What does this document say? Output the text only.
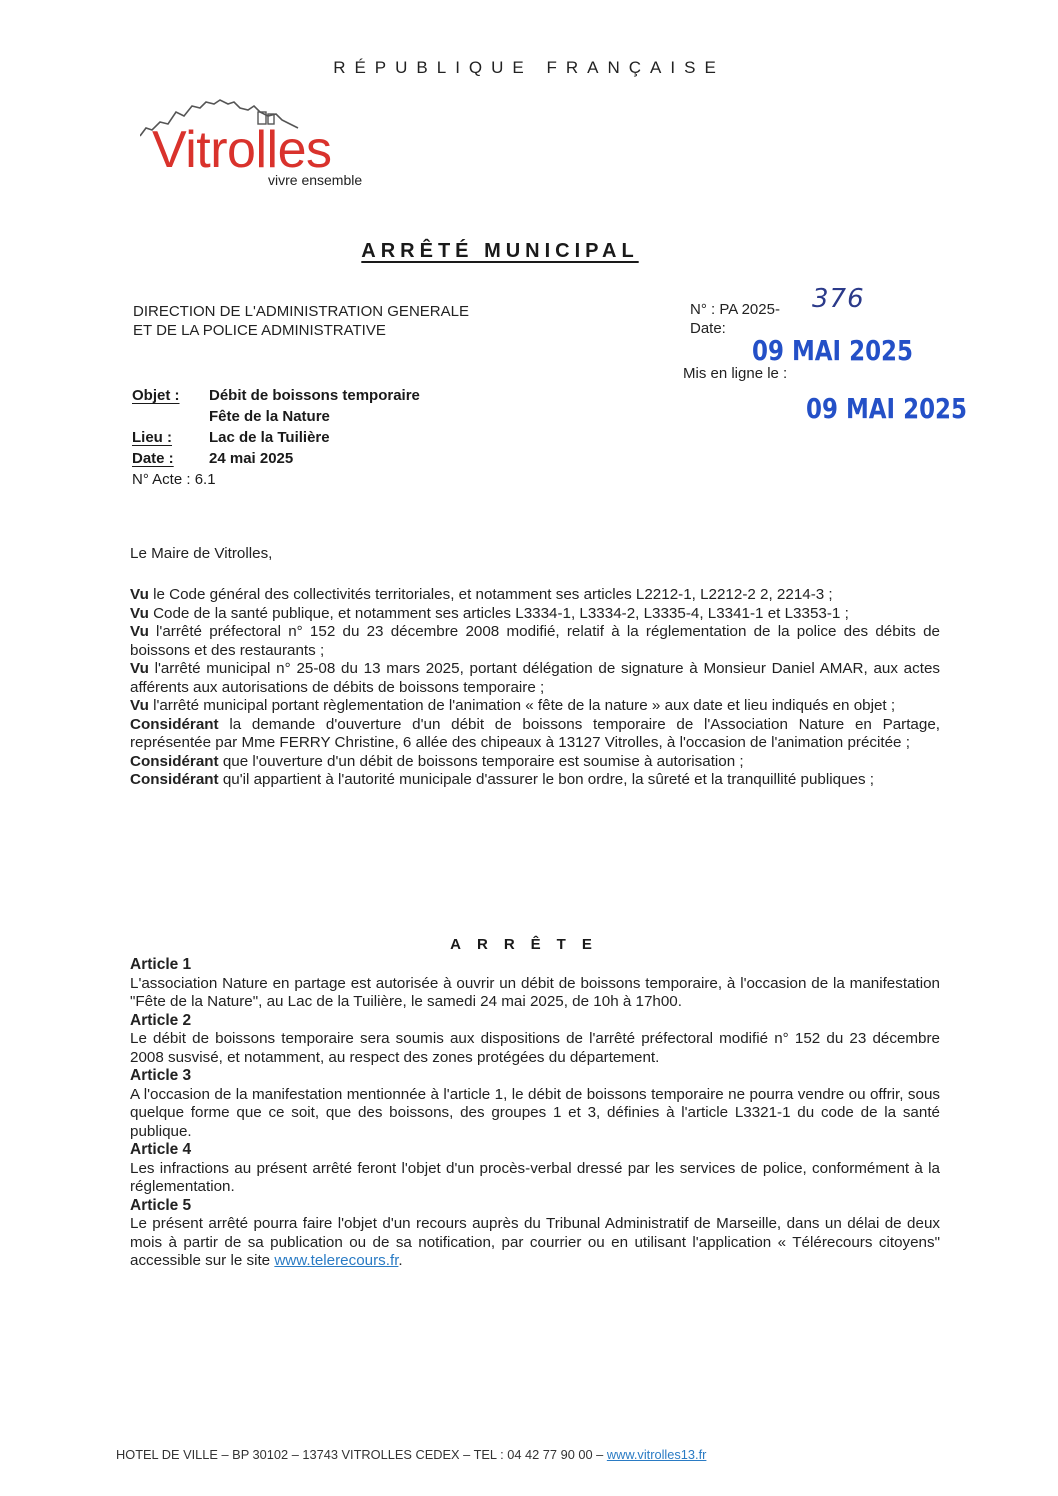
RÉPUBLIQUE FRANÇAISE
Vitrolles
vivre ensemble
ARRÊTÉ MUNICIPAL
DIRECTION DE L'ADMINISTRATION GENERALE
ET DE LA POLICE ADMINISTRATIVE
N° : PA 2025- 376
Date:
09 MAI 2025
Mis en ligne le :
09 MAI 2025
Objet :	Débit de boissons temporaire
	Fête de la Nature
Lieu :	Lac de la Tuilière
Date :	24 mai 2025
N° Acte : 6.1	
Le Maire de Vitrolles,

Vu le Code général des collectivités territoriales, et notamment ses articles L2212-1, L2212-2 2, 2214-3 ;

Vu Code de la santé publique, et notamment ses articles L3334-1, L3334-2, L3335-4, L3341-1 et L3353-1 ;

Vu l'arrêté préfectoral n° 152 du 23 décembre 2008 modifié, relatif à la réglementation de la police des débits de boissons et des restaurants ;

Vu l'arrêté municipal n° 25-08 du 13 mars 2025, portant délégation de signature à Monsieur Daniel AMAR, aux actes afférents aux autorisations de débits de boissons temporaire ;

Vu l'arrêté municipal portant règlementation de l'animation « fête de la nature » aux date et lieu indiqués en objet ;

Considérant la demande d'ouverture d'un débit de boissons temporaire de l'Association Nature en Partage, représentée par Mme FERRY Christine, 6 allée des chipeaux à 13127 Vitrolles, à l'occasion de l'animation précitée ;

Considérant que l'ouverture d'un débit de boissons temporaire est soumise à autorisation ;

Considérant qu'il appartient à l'autorité municipale d'assurer le bon ordre, la sûreté et la tranquillité publiques ;

ARRÊTE

Article 1

L'association Nature en partage est autorisée à ouvrir un débit de boissons temporaire, à l'occasion de la manifestation "Fête de la Nature", au Lac de la Tuilière, le samedi 24 mai 2025, de 10h à 17h00.

Article 2

Le débit de boissons temporaire sera soumis aux dispositions de l'arrêté préfectoral modifié n° 152 du 23 décembre 2008 susvisé, et notamment, au respect des zones protégées du département.

Article 3

A l'occasion de la manifestation mentionnée à l'article 1, le débit de boissons temporaire ne pourra vendre ou offrir, sous quelque forme que ce soit, que des boissons, des groupes 1 et 3, définies à l'article L3321-1 du code de la santé publique.

Article 4

Les infractions au présent arrêté feront l'objet d'un procès-verbal dressé par les services de police, conformément à la réglementation.

Article 5

Le présent arrêté pourra faire l'objet d'un recours auprès du Tribunal Administratif de Marseille, dans un délai de deux mois à partir de sa publication ou de sa notification, par courrier ou en utilisant l'application « Télérecours citoyens" accessible sur le site www.telerecours.fr.

HOTEL DE VILLE – BP 30102 – 13743 VITROLLES CEDEX – TEL : 04 42 77 90 00 – www.vitrolles13.fr
